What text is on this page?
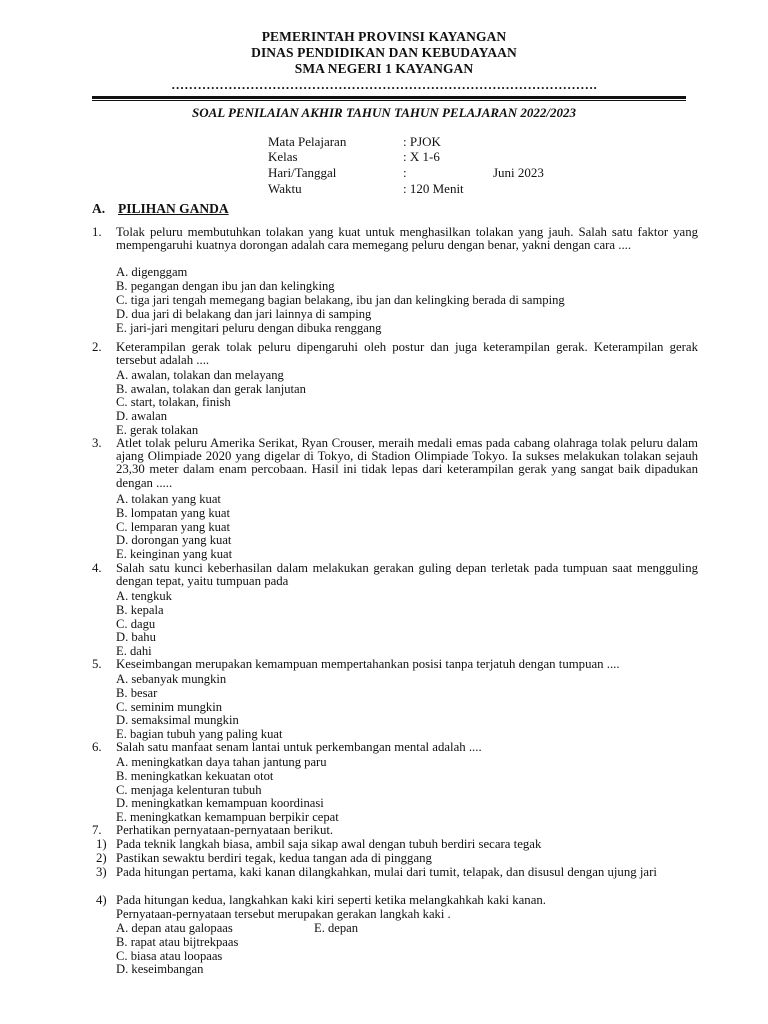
PEMERINTAH PROVINSI KAYANGAN
DINAS PENDIDIKAN DAN KEBUDAYAAN
SMA NEGERI 1 KAYANGAN
…………………………………………………………………………………….
SOAL PENILAIAN AKHIR TAHUN TAHUN PELAJARAN 2022/2023
Mata Pelajaran	: PJOK
Kelas	: X 1-6
Hari/Tanggal	:	Juni 2023
Waktu	: 120 Menit
A. PILIHAN GANDA
1. Tolak peluru membutuhkan tolakan yang kuat untuk menghasilkan tolakan yang jauh. Salah satu faktor yang mempengaruhi kuatnya dorongan adalah cara memegang peluru dengan benar, yakni dengan cara ....
A. digenggam
B. pegangan dengan ibu jan dan kelingking
C. tiga jari tengah memegang bagian belakang, ibu jan dan kelingking berada di samping
D. dua jari di belakang dan jari lainnya di samping
E. jari-jari mengitari peluru dengan dibuka renggang
2. Keterampilan gerak tolak peluru dipengaruhi oleh postur dan juga keterampilan gerak. Keterampilan gerak tersebut adalah ....
A. awalan, tolakan dan melayang
B. awalan, tolakan dan gerak lanjutan
C. start, tolakan, finish
D. awalan
E. gerak tolakan
3. Atlet tolak peluru Amerika Serikat, Ryan Crouser, meraih medali emas pada cabang olahraga tolak peluru dalam ajang Olimpiade 2020 yang digelar di Tokyo, di Stadion Olimpiade Tokyo. Ia sukses melakukan tolakan sejauh 23,30 meter dalam enam percobaan. Hasil ini tidak lepas dari keterampilan gerak yang sangat baik dipadukan dengan .....
A. tolakan yang kuat
B. lompatan yang kuat
C. lemparan yang kuat
D. dorongan yang kuat
E. keinginan yang kuat
4. Salah satu kunci keberhasilan dalam melakukan gerakan guling depan terletak pada tumpuan saat mengguling dengan tepat, yaitu tumpuan pada
A. tengkuk
B. kepala
C. dagu
D. bahu
E. dahi
5. Keseimbangan merupakan kemampuan mempertahankan posisi tanpa terjatuh dengan tumpuan ....
A. sebanyak mungkin
B. besar
C. seminim mungkin
D. semaksimal mungkin
E. bagian tubuh yang paling kuat
6. Salah satu manfaat senam lantai untuk perkembangan mental adalah ....
A. meningkatkan daya tahan jantung paru
B. meningkatkan kekuatan otot
C. menjaga kelenturan tubuh
D. meningkatkan kemampuan koordinasi
E. meningkatkan kemampuan berpikir cepat
7. Perhatikan pernyataan-pernyataan berikut.
1) Pada teknik langkah biasa, ambil saja sikap awal dengan tubuh berdiri secara tegak
2) Pastikan sewaktu berdiri tegak, kedua tangan ada di pinggang
3) Pada hitungan pertama, kaki kanan dilangkahkan, mulai dari tumit, telapak, dan disusul dengan ujung jari
4) Pada hitungan kedua, langkahkan kaki kiri seperti ketika melangkahkah kaki kanan.
Pernyataan-pernyataan tersebut merupakan gerakan langkah kaki .
A. depan atau galopaas	E. depan
B. rapat atau bijtrekpaas
C. biasa atau loopaas
D. keseimbangan
